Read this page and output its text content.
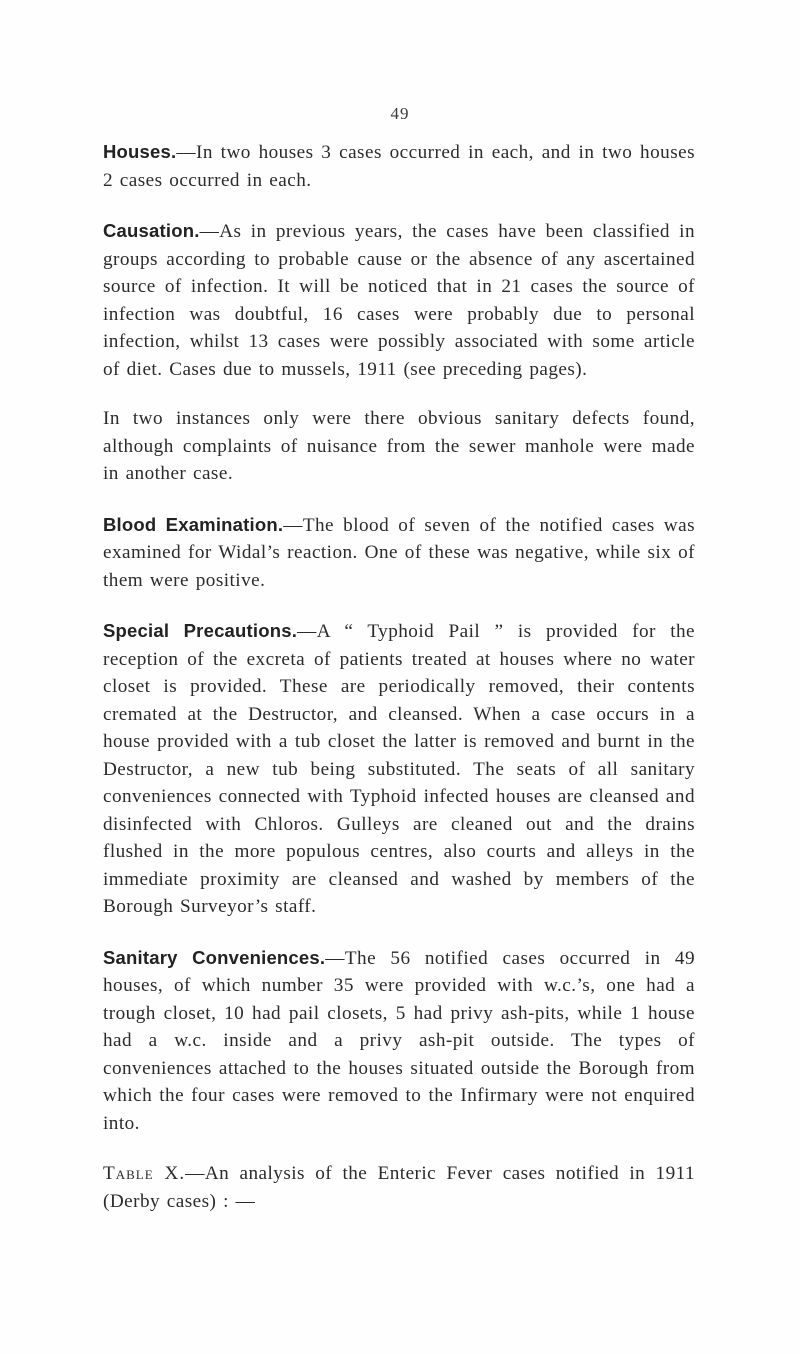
49

Houses.—In two houses 3 cases occurred in each, and in two houses 2 cases occurred in each.

Causation.—As in previous years, the cases have been classified in groups according to probable cause or the absence of any ascertained source of infection. It will be noticed that in 21 cases the source of infection was doubtful, 16 cases were probably due to personal infection, whilst 13 cases were possibly associated with some article of diet. Cases due to mussels, 1911 (see preceding pages).

In two instances only were there obvious sanitary defects found, although complaints of nuisance from the sewer manhole were made in another case.

Blood Examination.—The blood of seven of the notified cases was examined for Widal’s reaction. One of these was negative, while six of them were positive.

Special Precautions.—A “ Typhoid Pail ” is provided for the reception of the excreta of patients treated at houses where no water closet is provided. These are periodically removed, their contents cremated at the Destructor, and cleansed. When a case occurs in a house provided with a tub closet the latter is removed and burnt in the Destructor, a new tub being substituted. The seats of all sanitary conveniences connected with Typhoid infected houses are cleansed and disinfected with Chloros. Gulleys are cleaned out and the drains flushed in the more populous centres, also courts and alleys in the immediate proximity are cleansed and washed by members of the Borough Surveyor’s staff.

Sanitary Conveniences.—The 56 notified cases occurred in 49 houses, of which number 35 were provided with w.c.’s, one had a trough closet, 10 had pail closets, 5 had privy ash-pits, while 1 house had a w.c. inside and a privy ash-pit outside. The types of conveniences attached to the houses situated outside the Borough from which the four cases were removed to the Infirmary were not enquired into.

Table X.—An analysis of the Enteric Fever cases notified in 1911 (Derby cases) : —
